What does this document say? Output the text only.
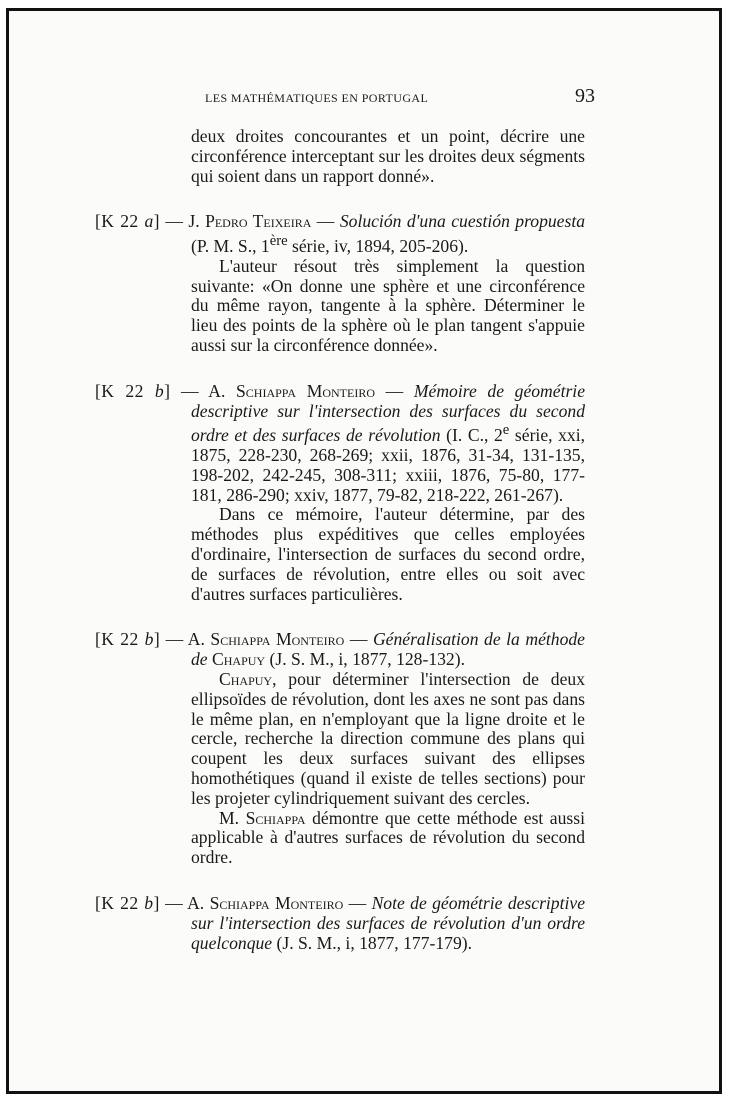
LES MATHÉMATIQUES EN PORTUGAL	93

deux droites concourantes et un point, décrire une circonférence interceptant sur les droites deux ségments qui soient dans un rapport donné».

[K 22 a] — J. Pedro Teixeira — Solución d'una cuestión propuesta (P. M. S., 1ère série, iv, 1894, 205-206).

L'auteur résout très simplement la question suivante: «On donne une sphère et une circonférence du même rayon, tangente à la sphère. Déterminer le lieu des points de la sphère où le plan tangent s'appuie aussi sur la circonférence donnée».

[K 22 b] — A. Schiappa Monteiro — Mémoire de géométrie descriptive sur l'intersection des surfaces du second ordre et des surfaces de révolution (I. C., 2e série, xxi, 1875, 228-230, 268-269; xxii, 1876, 31-34, 131-135, 198-202, 242-245, 308-311; xxiii, 1876, 75-80, 177-181, 286-290; xxiv, 1877, 79-82, 218-222, 261-267).

Dans ce mémoire, l'auteur détermine, par des méthodes plus expéditives que celles employées d'ordinaire, l'intersection de surfaces du second ordre, de surfaces de révolution, entre elles ou soit avec d'autres surfaces particulières.

[K 22 b] — A. Schiappa Monteiro — Généralisation de la méthode de Chapuy (J. S. M., i, 1877, 128-132).

Chapuy, pour déterminer l'intersection de deux ellipsoïdes de révolution, dont les axes ne sont pas dans le même plan, en n'employant que la ligne droite et le cercle, recherche la direction commune des plans qui coupent les deux surfaces suivant des ellipses homothétiques (quand il existe de telles sections) pour les projeter cylindriquement suivant des cercles.

M. Schiappa démontre que cette méthode est aussi applicable à d'autres surfaces de révolution du second ordre.

[K 22 b] — A. Schiappa Monteiro — Note de géométrie descriptive sur l'intersection des surfaces de révolution d'un ordre quelconque (J. S. M., i, 1877, 177-179).
